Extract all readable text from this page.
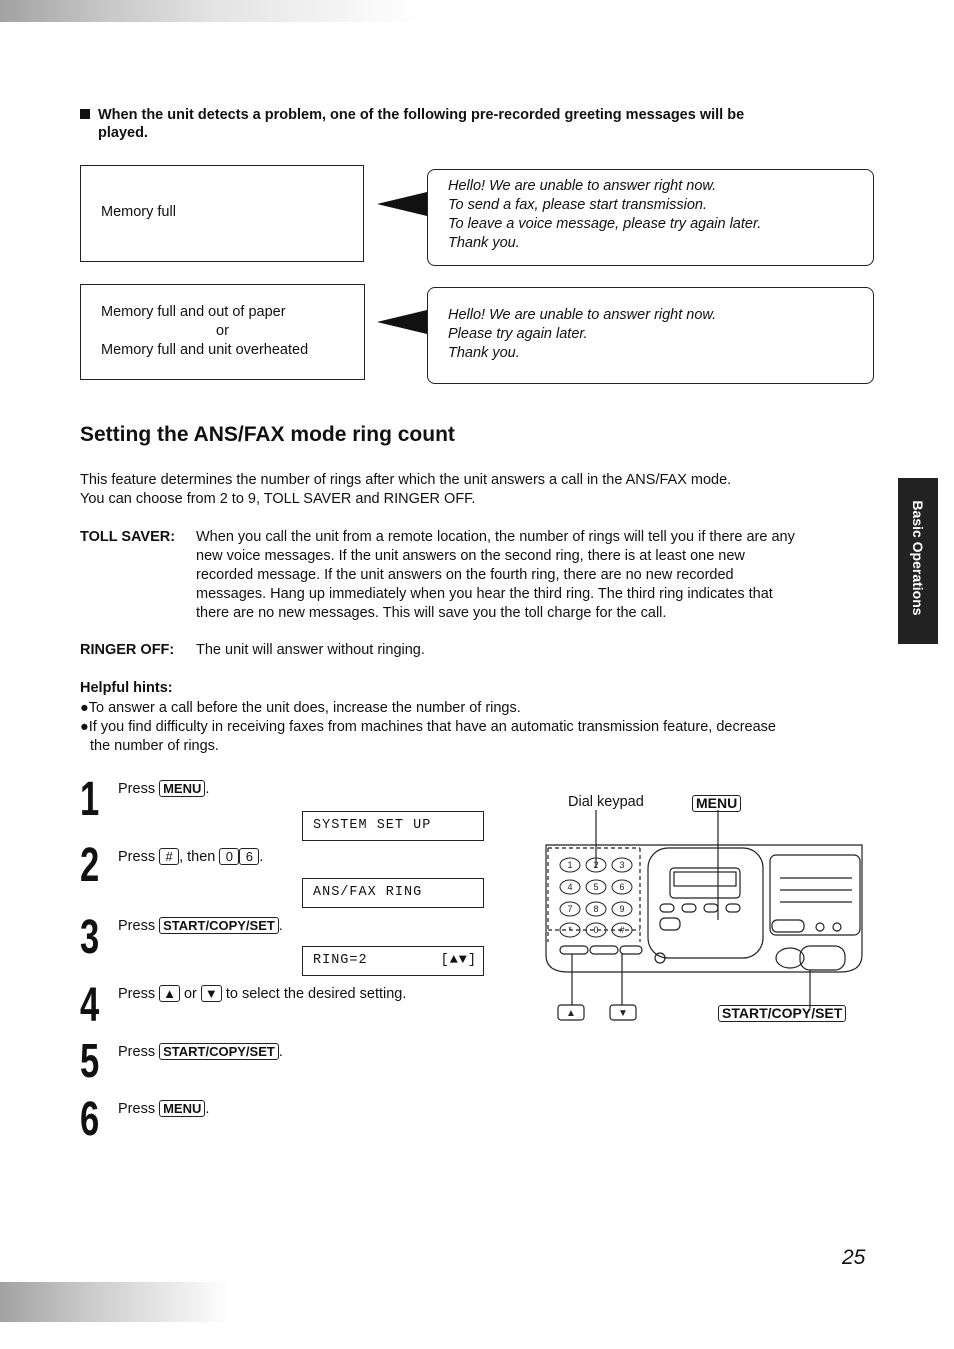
When the unit detects a problem, one of the following pre-recorded greeting messages will be
played.
Memory full
Hello! We are unable to answer right now.
To send a fax, please start transmission.
To leave a voice message, please try again later.
Thank you.
Memory full and out of paper
or
Memory full and unit overheated
Hello! We are unable to answer right now.
Please try again later.
Thank you.
Setting the ANS/FAX mode ring count
This feature determines the number of rings after which the unit answers a call in the ANS/FAX mode.
You can choose from 2 to 9, TOLL SAVER and RINGER OFF.
TOLL SAVER: When you call the unit from a remote location, the number of rings will tell you if there are any
new voice messages. If the unit answers on the second ring, there is at least one new
recorded message. If the unit answers on the fourth ring, there are no new recorded
messages. Hang up immediately when you hear the third ring. The third ring indicates that
there are no new messages. This will save you the toll charge for the call.
RINGER OFF: The unit will answer without ringing.
Helpful hints:
●To answer a call before the unit does, increase the number of rings.
●If you find difficulty in receiving faxes from machines that have an automatic transmission feature, decrease
the number of rings.
1 Press MENU .
SYSTEM SET UP
2 Press # , then 0 6 .
ANS/FAX RING
3 Press START/COPY/SET .
RING=2	[▲▼]
4 Press ▲ or ▼ to select the desired setting.
5 Press START/COPY/SET .
6 Press MENU .
Dial keypad	MENU
1 2 3
4 5 6
7 8 9
* 0 #
▲	▼	START/COPY/SET
Basic Operations
25
